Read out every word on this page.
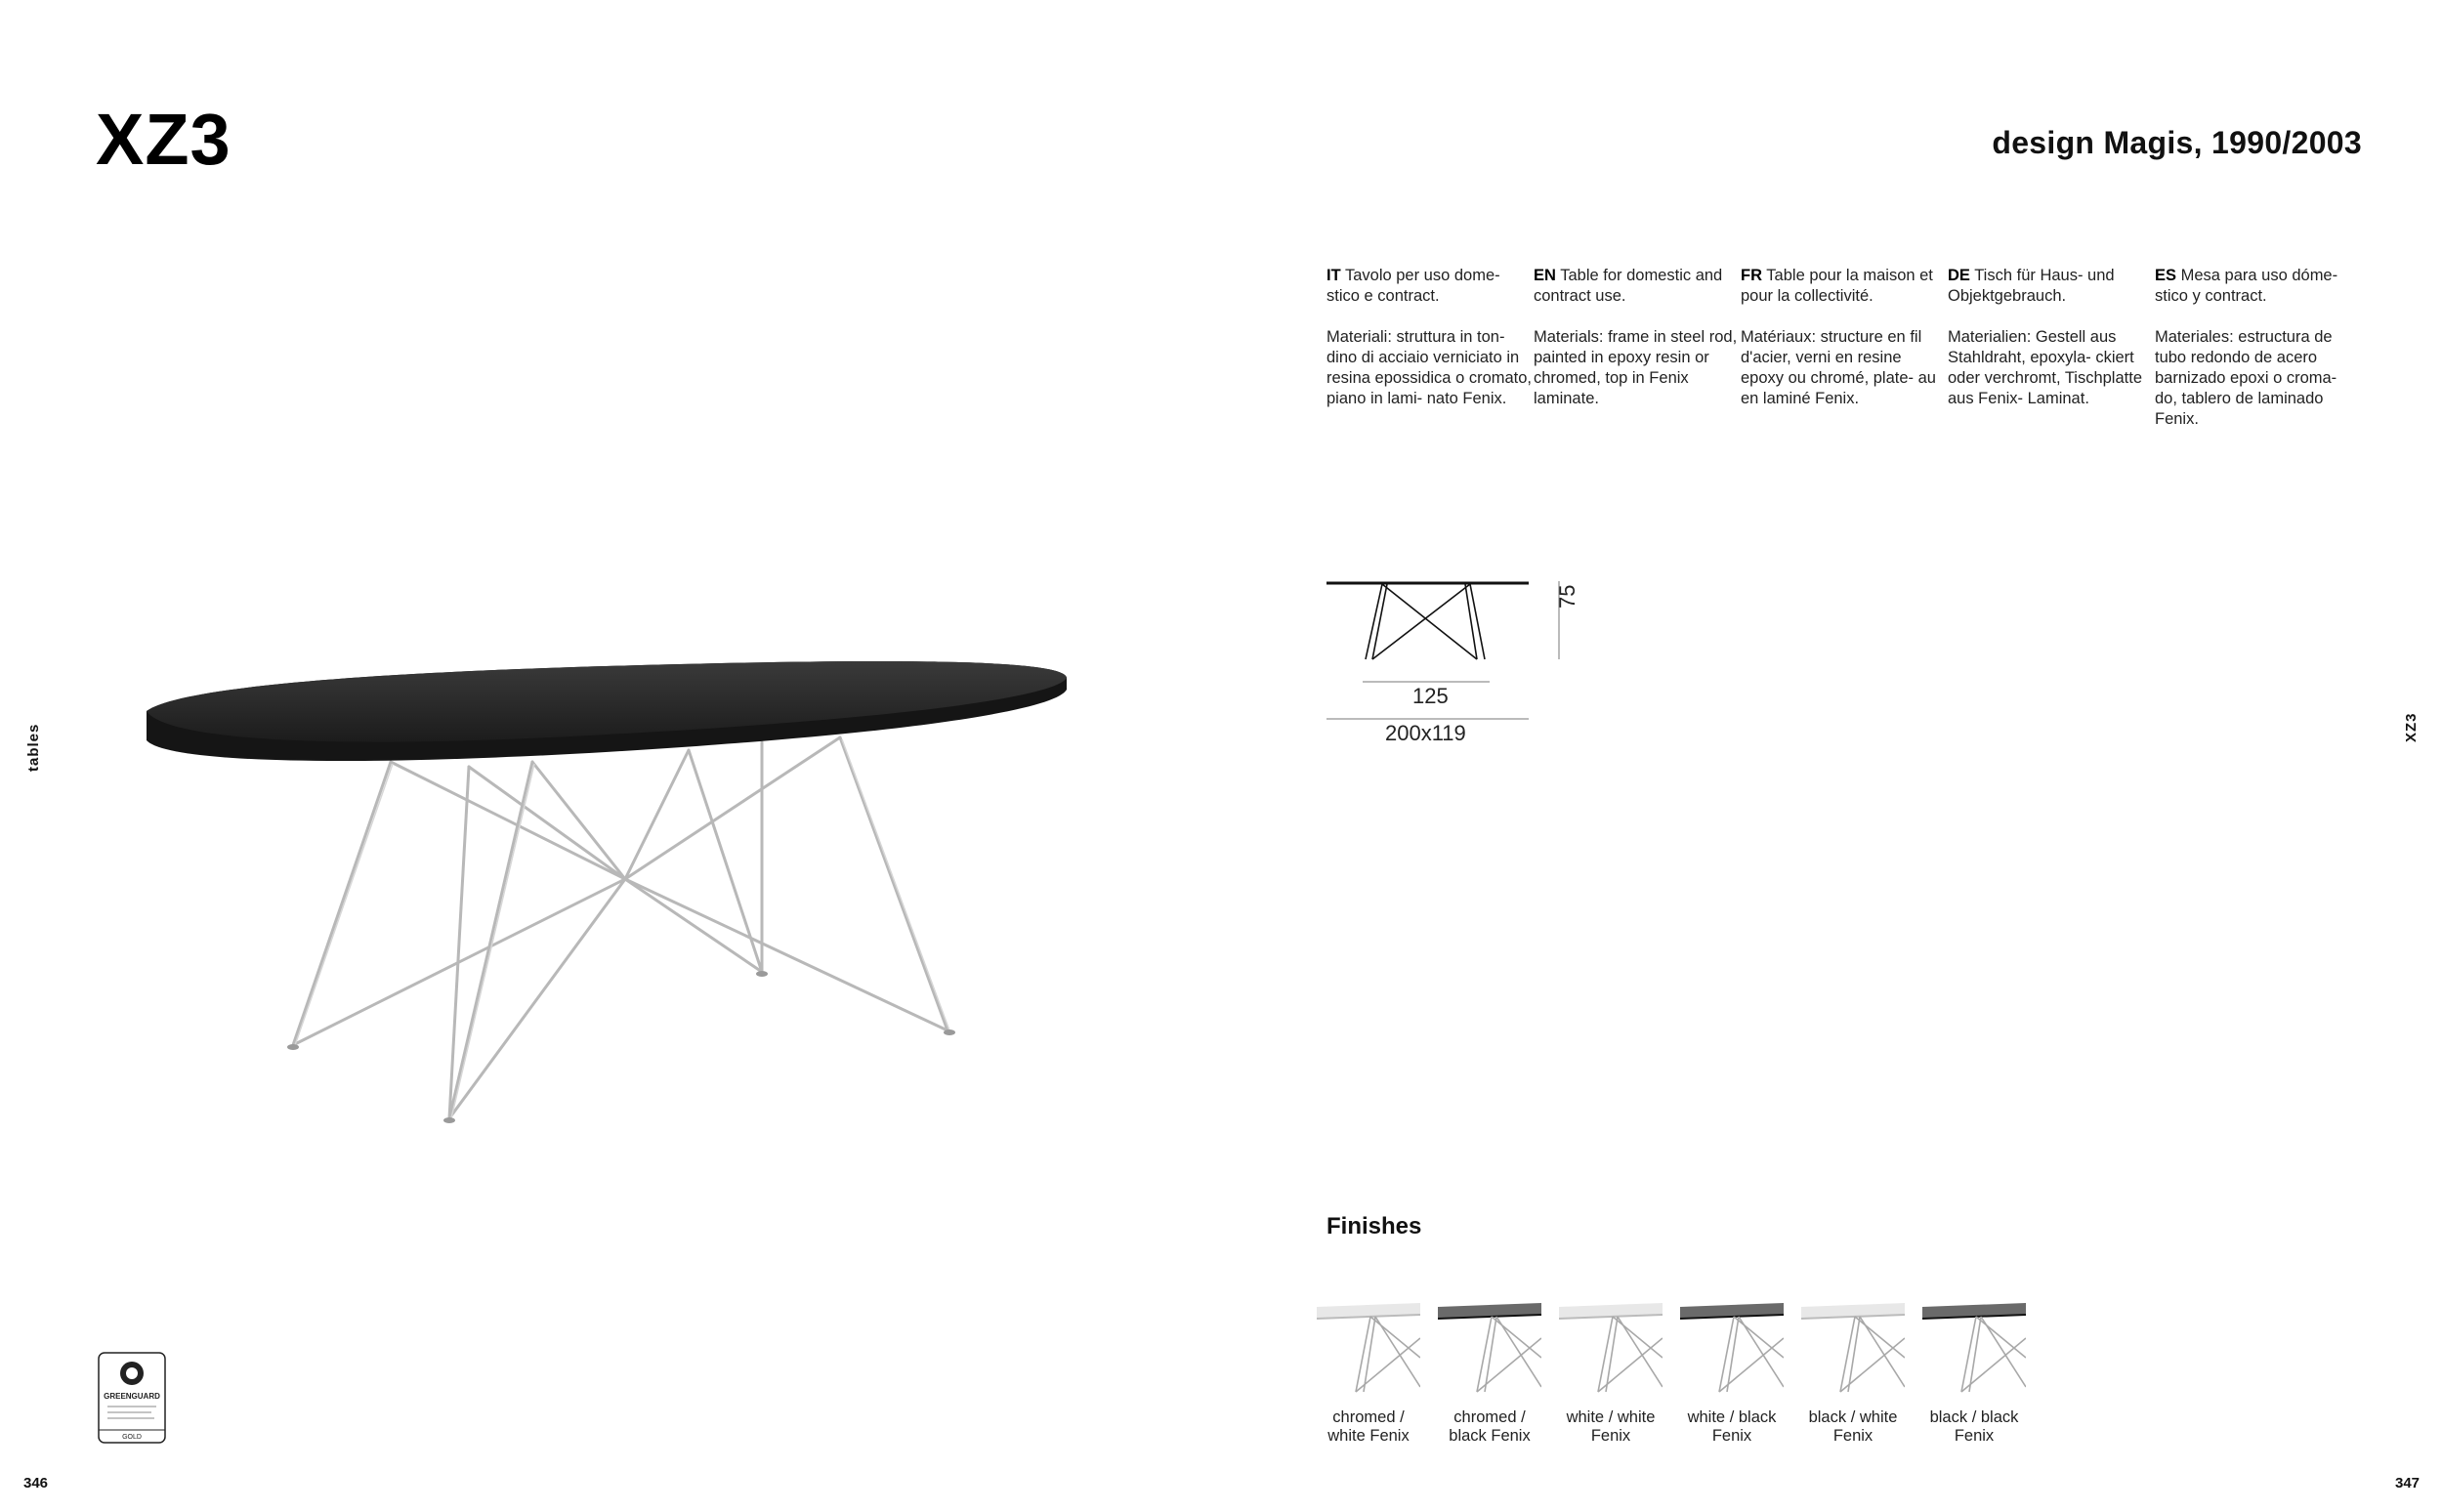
XZ3	design Magis, 1990/2003
tables	XZ3
346	347

IT Tavolo per uso dome- stico e contract.

Materiali: struttura in ton- dino di acciaio verniciato in resina epossidica o cromato, piano in lami- nato Fenix.

EN Table for domestic and contract use.

Materials: frame in steel rod, painted in epoxy resin or chromed, top in Fenix laminate.

FR Table pour la maison et pour la collectivité.

Matériaux: structure en fil d'acier, verni en resine epoxy ou chromé, plate- au en laminé Fenix.

DE Tisch für Haus- und Objektgebrauch.

Materialien: Gestell aus Stahldraht, epoxyla- ckiert oder verchromt, Tischplatte aus Fenix- Laminat.

ES Mesa para uso dóme- stico y contract.

Materiales: estructura de tubo redondo de acero barnizado epoxi o croma- do, tablero de laminado Fenix.

75
125
200x119
Finishes
chromed /
white Fenix
chromed /
black Fenix
white / white
Fenix
white / black
Fenix
black / white
Fenix
black / black
Fenix
GREENGUARD
GOLD
